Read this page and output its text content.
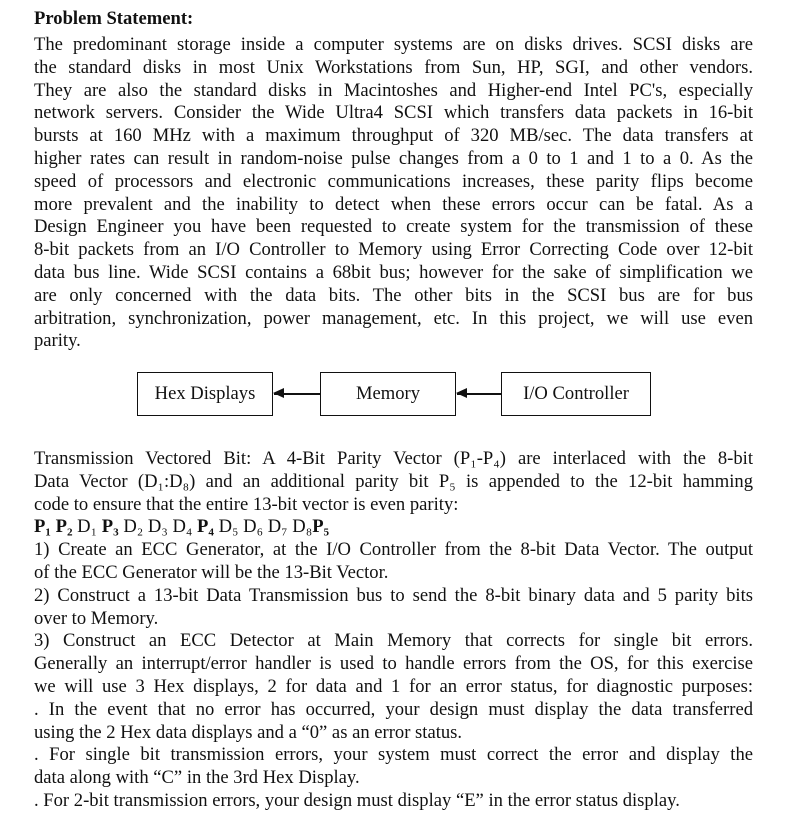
Problem Statement:
The predominant storage inside a computer systems are on disks drives. SCSI disks are
the standard disks in most Unix Workstations from Sun, HP, SGI, and other vendors.
They are also the standard disks in Macintoshes and Higher-end Intel PC's, especially
network servers. Consider the Wide Ultra4 SCSI which transfers data packets in 16-bit
bursts at 160 MHz with a maximum throughput of 320 MB/sec. The data transfers at
higher rates can result in random-noise pulse changes from a 0 to 1 and 1 to a 0. As the
speed of processors and electronic communications increases, these parity flips become
more prevalent and the inability to detect when these errors occur can be fatal. As a
Design Engineer you have been requested to create system for the transmission of these
8-bit packets from an I/O Controller to Memory using Error Correcting Code over 12-bit
data bus line. Wide SCSI contains a 68bit bus; however for the sake of simplification we
are only concerned with the data bits. The other bits in the SCSI bus are for bus
arbitration, synchronization, power management, etc. In this project, we will use even
parity.
Hex Displays	Memory	I/O Controller
Transmission Vectored Bit: A 4-Bit Parity Vector (P₁-P₄) are interlaced with the 8-bit
Data Vector (D₁:D₈) and an additional parity bit P₅ is appended to the 12-bit hamming
code to ensure that the entire 13-bit vector is even parity:
P₁ P₂ D₁ P₃ D₂ D₃ D₄ P₄ D₅ D₆ D₇ D₈P₅
1) Create an ECC Generator, at the I/O Controller from the 8-bit Data Vector. The output
of the ECC Generator will be the 13-Bit Vector.
2) Construct a 13-bit Data Transmission bus to send the 8-bit binary data and 5 parity bits
over to Memory.
3) Construct an ECC Detector at Main Memory that corrects for single bit errors.
Generally an interrupt/error handler is used to handle errors from the OS, for this exercise
we will use 3 Hex displays, 2 for data and 1 for an error status, for diagnostic purposes:
. In the event that no error has occurred, your design must display the data transferred
using the 2 Hex data displays and a “0” as an error status.
. For single bit transmission errors, your system must correct the error and display the
data along with “C” in the 3rd Hex Display.
. For 2-bit transmission errors, your design must display “E” in the error status display.
